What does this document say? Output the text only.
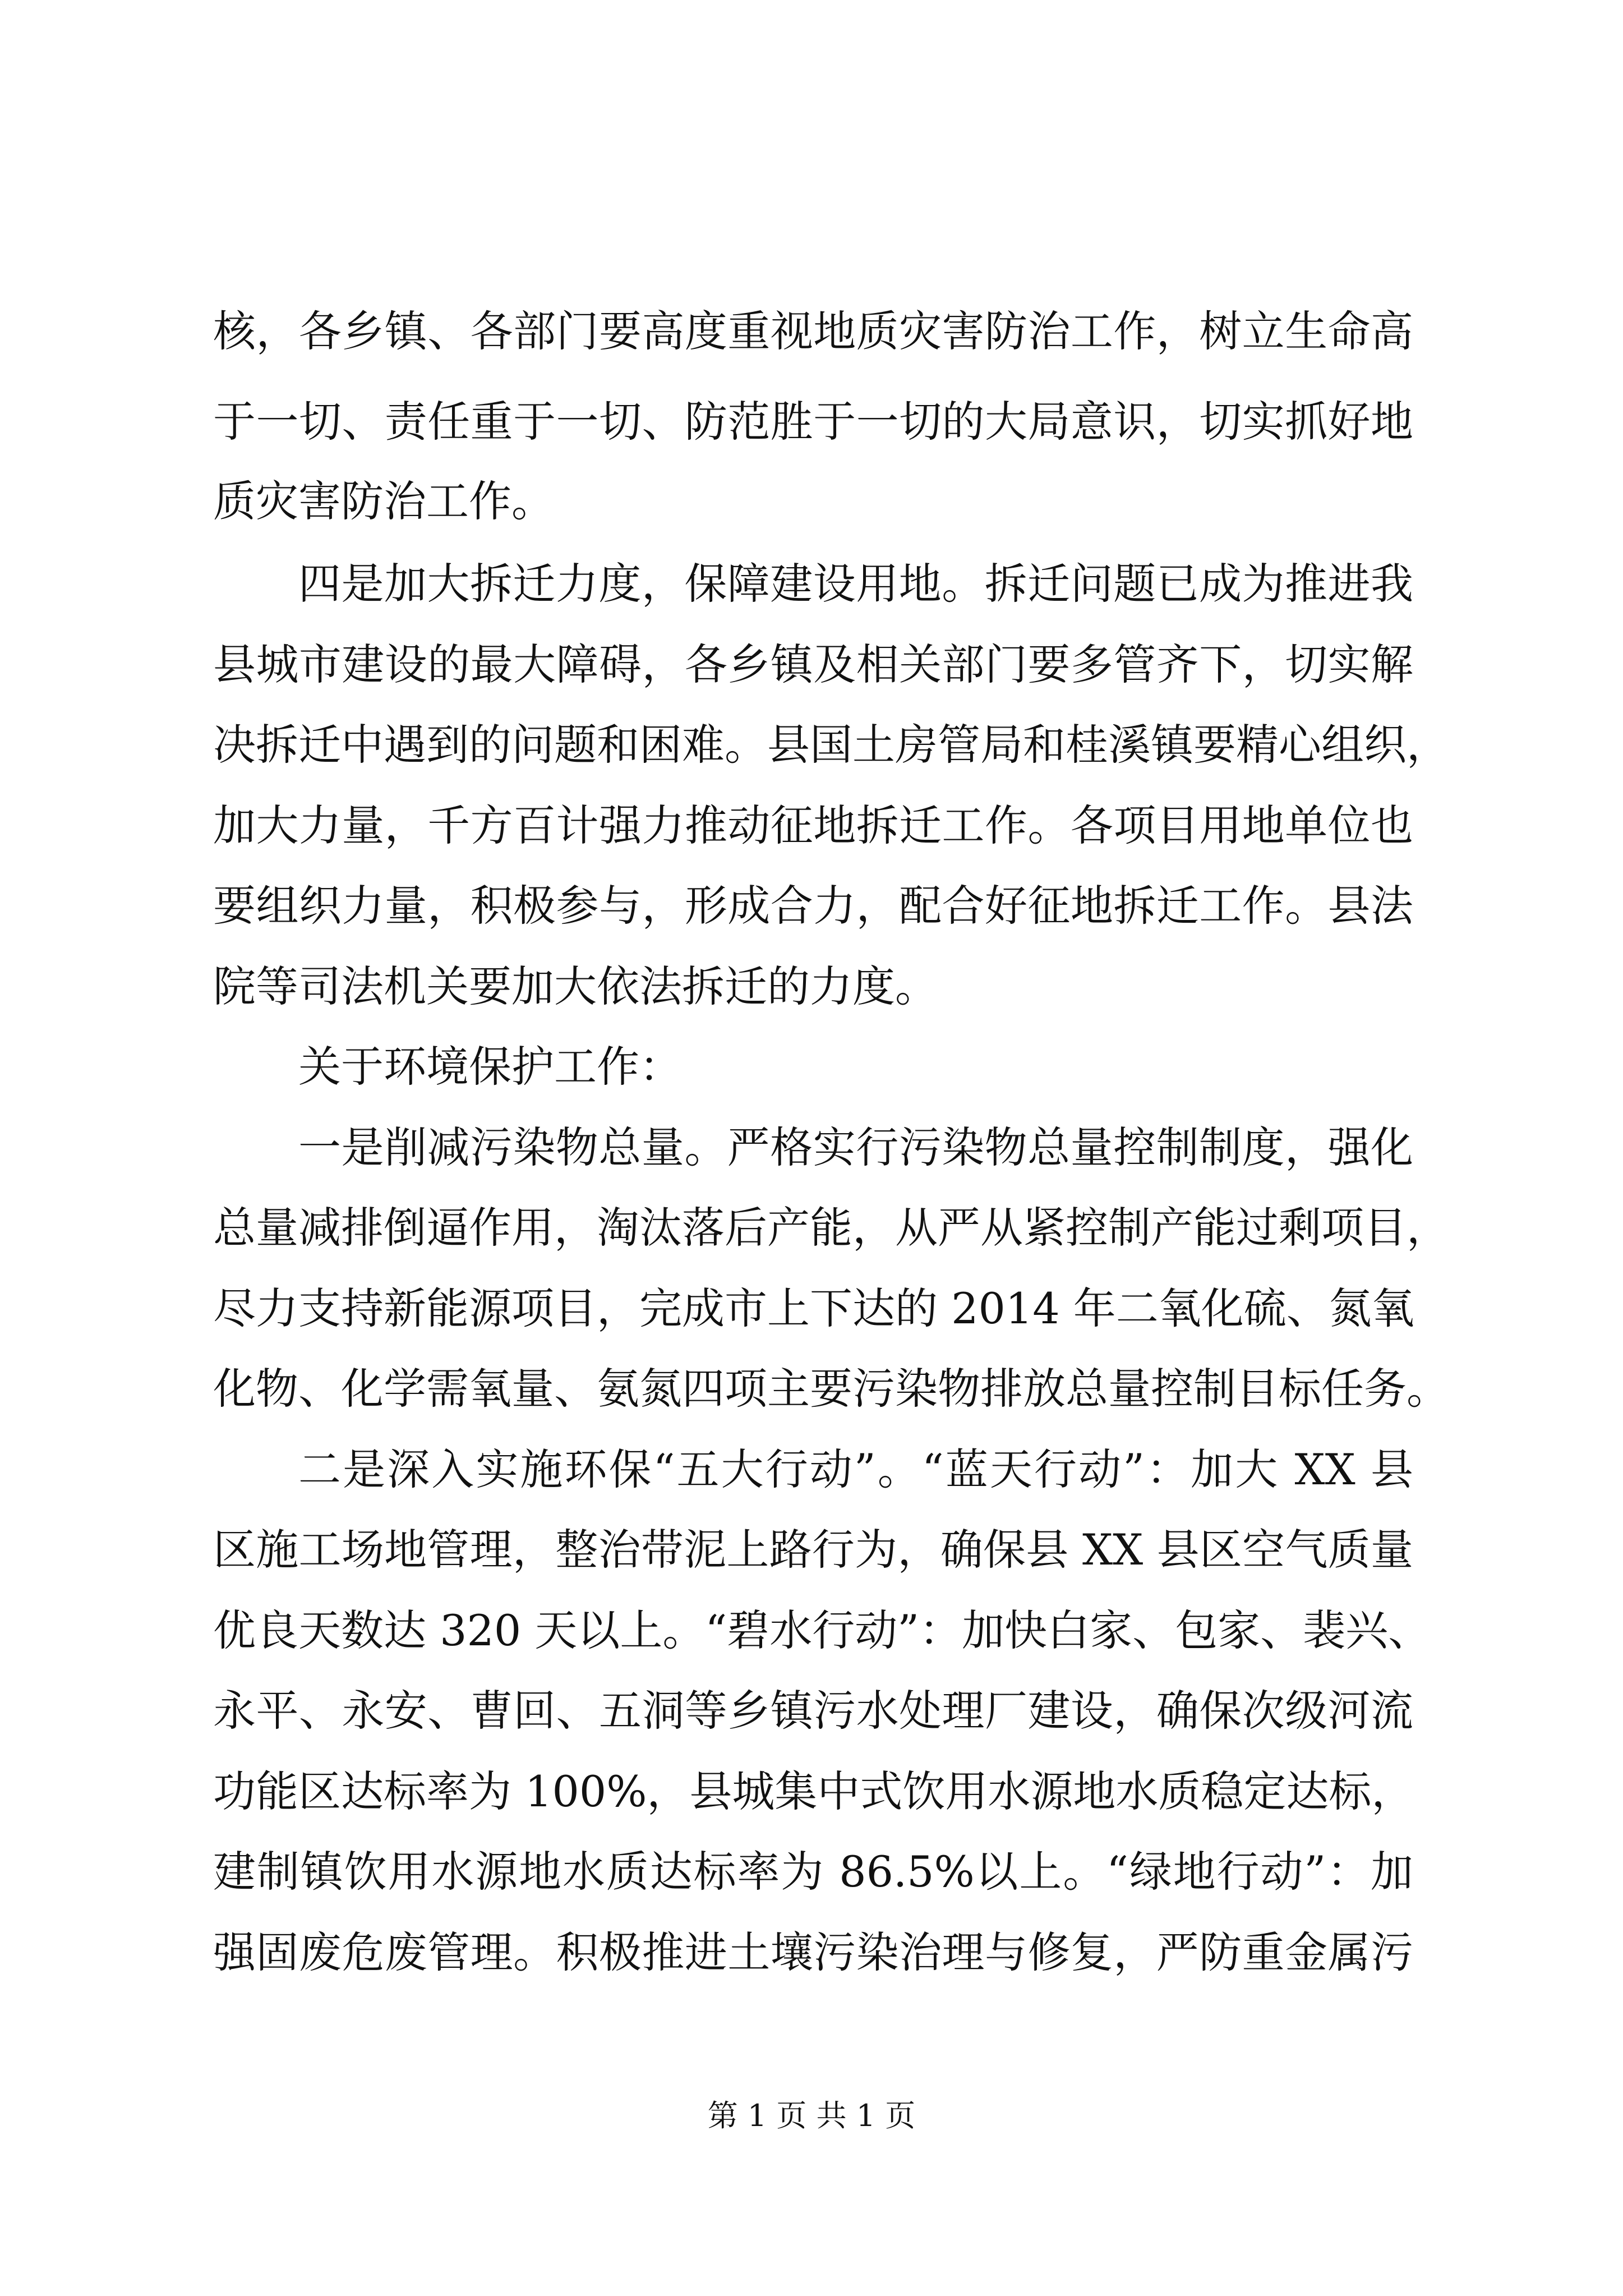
核，各乡镇、各部门要高度重视地质灾害防治工作，树立生命高
于一切、责任重于一切、防范胜于一切的大局意识，切实抓好地
质灾害防治工作。
四是加大拆迁力度，保障建设用地。拆迁问题已成为推进我
县城市建设的最大障碍，各乡镇及相关部门要多管齐下，切实解
决拆迁中遇到的问题和困难。县国土房管局和桂溪镇要精心组织，
加大力量，千方百计强力推动征地拆迁工作。各项目用地单位也
要组织力量，积极参与，形成合力，配合好征地拆迁工作。县法
院等司法机关要加大依法拆迁的力度。
关于环境保护工作：
一是削减污染物总量。严格实行污染物总量控制制度，强化
总量减排倒逼作用，淘汰落后产能，从严从紧控制产能过剩项目，
尽力支持新能源项目，完成市上下达的 2014 年二氧化硫、氮氧
化物、化学需氧量、氨氮四项主要污染物排放总量控制目标任务。
二是深入实施环保“五大行动”。“蓝天行动”：加大 XX 县
区施工场地管理，整治带泥上路行为，确保县 XX 县区空气质量
优良天数达 320 天以上。“碧水行动”：加快白家、包家、裴兴、
永平、永安、曹回、五洞等乡镇污水处理厂建设，确保次级河流
功能区达标率为 100%，县城集中式饮用水源地水质稳定达标，
建制镇饮用水源地水质达标率为 86.5%以上。“绿地行动”：加
强固废危废管理。积极推进土壤污染治理与修复，严防重金属污
第 1 页 共 1 页
